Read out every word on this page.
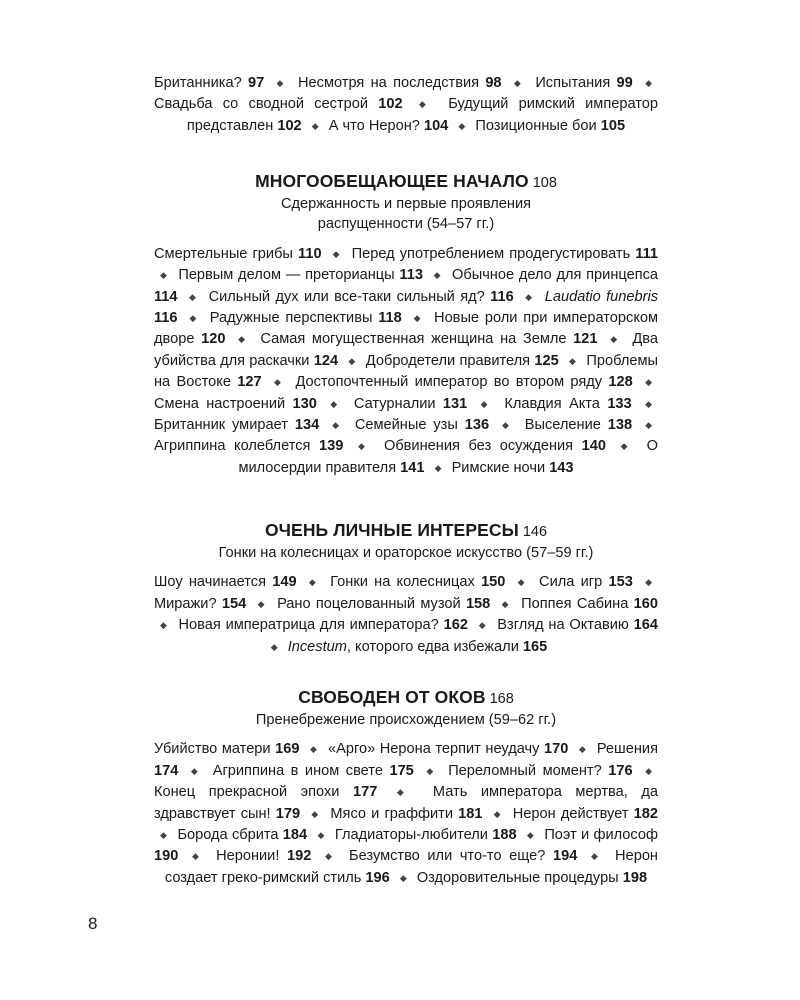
Британника? 97 ◆ Несмотря на последствия 98 ◆ Испытания 99 ◆ Свадьба со сводной сестрой 102 ◆ Будущий римский император представлен 102 ◆ А что Нерон? 104 ◆ Позиционные бои 105

МНОГООБЕЩАЮЩЕЕ НАЧАЛО 108

Сдержанность и первые проявления

распущенности (54–57 гг.)

Смертельные грибы 110 ◆ Перед употреблением продегустировать 111 ◆ Первым делом — преторианцы 113 ◆ Обычное дело для принцепса 114 ◆ Сильный дух или все-таки сильный яд? 116 ◆ Laudatio funebris 116 ◆ Радужные перспективы 118 ◆ Новые роли при императорском дворе 120 ◆ Самая могущественная женщина на Земле 121 ◆ Два убийства для раскачки 124 ◆ Добродетели правителя 125 ◆ Проблемы на Востоке 127 ◆ Достопочтенный император во втором ряду 128 ◆ Смена настроений 130 ◆ Сатурналии 131 ◆ Клавдия Акта 133 ◆ Британник умирает 134 ◆ Семейные узы 136 ◆ Выселение 138 ◆ Агриппина колеблется 139 ◆ Обвинения без осуждения 140 ◆ О милосердии правителя 141 ◆ Римские ночи 143

ОЧЕНЬ ЛИЧНЫЕ ИНТЕРЕСЫ 146

Гонки на колесницах и ораторское искусство (57–59 гг.)

Шоу начинается 149 ◆ Гонки на колесницах 150 ◆ Сила игр 153 ◆ Миражи? 154 ◆ Рано поцелованный музой 158 ◆ Поппея Сабина 160 ◆ Новая императрица для императора? 162 ◆ Взгляд на Октавию 164 ◆ Incestum, которого едва избежали 165

СВОБОДЕН ОТ ОКОВ 168

Пренебрежение происхождением (59–62 гг.)

Убийство матери 169 ◆ «Арго» Нерона терпит неудачу 170 ◆ Решения 174 ◆ Агриппина в ином свете 175 ◆ Переломный момент? 176 ◆ Конец прекрасной эпохи 177 ◆ Мать императора мертва, да здравствует сын! 179 ◆ Мясо и граффити 181 ◆ Нерон действует 182 ◆ Борода сбрита 184 ◆ Гладиаторы-любители 188 ◆ Поэт и философ 190 ◆ Неронии! 192 ◆ Безумство или что-то еще? 194 ◆ Нерон создает греко-римский стиль 196 ◆ Оздоровительные процедуры 198

8
